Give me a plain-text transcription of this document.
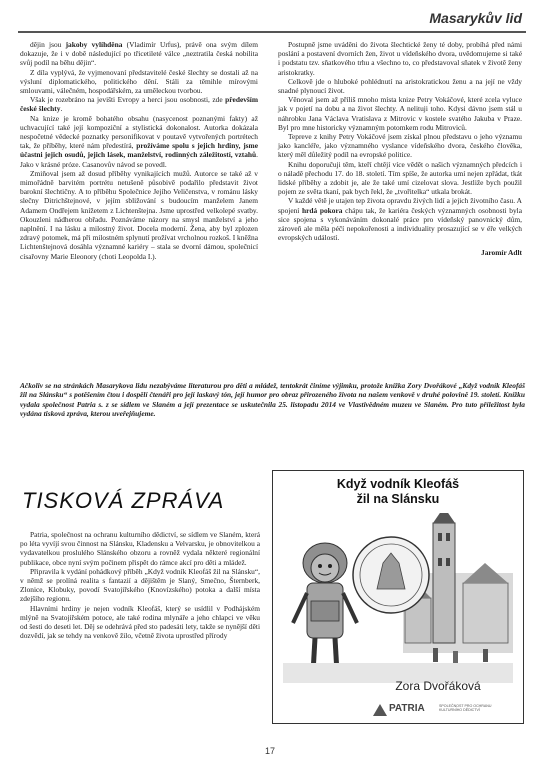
Masarykův lid

dějin jsou jakoby vylíhděna (Vladimír Urfus), právě ona svým dílem dokazuje, že i v době následující po třicetileté válce „neztratila česká nobilita svůj podíl na běhu dějin“.

Z díla vyplývá, že vyjmenovaní představitelé české šlechty se dostali až na výsluní diplomatického, politického dění. Stáli za těmihle mírovými smlouvami, válečném, hospodářském, za uměleckou tvorbou.

Však je rozebráno na jevišti Evropy a herci jsou osobnosti, zde především české šlechty.

Na knize je kromě bohatého obsahu (nasycenost poznanými fakty) až uchvacující také její kompoziční a stylistická dokonalost. Autorka dokázala nespočetné vědecké poznatky personifikovat v poutavě vytvořených portrétech tak, že příběhy, které nám předestírá, prožíváme spolu s jejich hrdiny, jsme účastni jejich osudů, jejich lásek, manželství, rodinných záležitostí, vztahů. Jako v krásné próze. Casanovův návod se povedl.

Zmiňoval jsem až dosud příběhy vynikajících mužů. Autorce se také až v mimořádně barvitém portrétu netušeně působivě podařilo představit život barokní šlechtičny. A to příběhu Společnice Jejího Veličenstva, v románu lásky slečny Ditrichštejnové, v jejím sbližování s budoucím manželem Janem Adamem Ondřejem knížetem z Lichtenštejna. Jsme uprostřed velkolepé svatby. Okouzleni nádherou obřadu. Poznáváme názory na smysl manželství a jeho naplnění. I na lásku a milostný život. Docela moderní. Žena, aby byl zplozen zdravý potomek, má při milostném splynutí prožívat vrcholnou rozkoš. I kněžna Lichtenštejnová dosáhla významné kariéry – stala se dvorní dámou, společnicí císařovny Marie Eleonory (choti Leopolda I.).

Postupně jsme uváděni do života šlechtické ženy té doby, probíhá před námi poslání a postavení dvorních žen, život u vídeňského dvora, uvědomujeme si také i podstatu tzv. sňatkového trhu a všechno to, co představoval sňatek v životě ženy aristokratky.

Celkově jde o hluboké pohlédnutí na aristokratickou ženu a na její ne vždy snadné plynoucí život.

Věnoval jsem až příliš mnoho místa knize Petry Vokáčové, které zcela vyluce jak v pojetí na dobu a na život šlechty. A nelituji toho. Kdysi dávno jsem stál u náhrobku Jana Václava Vratislava z Mitrovic v kostele svatého Jakuba v Praze. Byl pro mne historicky významným potomkem rodu Mitroviců.

Tepreve z knihy Petry Vokáčové jsem získal plnou představu o jeho významu jako kancléře, jako významného vyslance vídeňského dvora, českého člověka, který měl důležitý podíl na evropské politice.

Knihu doporučuji těm, kteří chtějí více vědět o našich významných předcích i o náladě přechodu 17. do 18. století. Tím spíše, že autorka umí nejen zpřádat, tkát lidské příběhy a zdobit je, ale že také umí cizelovat slova. Jestliže bych použil pojem ze světa tkaní, pak bych řekl, že „tvořitelka“ utkala brokát.

V každé větě je utajen tep života opravdu živých lidí a jejich životního času. A spojení hrdá pokora chápu tak, že kariéra českých významných osobnosti byla sice spojena s vykonáváním dokonalé práce pro vídeňský panovnický dům, zároveň ale měla péčí nepokořenosti a individuality prosazující se v éře velkých evropských událostí.

Jaromír Adlt

Ačkoliv se na stránkách Masarykova lidu nezabýváme literaturou pro děti a mládež, tentokrát činíme výjimku, protože knížka Zory Dvořákové „Když vodník Kleofáš žil na Slánsku“ s potěšením čtou i dospělí čtenáři pro její laskavý tón, její humor pro obraz přirozeného života na našem venkově v druhé polovině 19. století. Knížku vydala společnost Patria s. z se sídlem ve Slaném a její prezentace se uskutečnila 25. listopadu 2014 ve Vlastivědném muzeu ve Slaném. Pro tuto příležitost byla vydána tisková zpráva, kterou uveřejňujeme.
TISKOVÁ ZPRÁVA

Patria, společnost na ochranu kulturního dědictví, se sídlem ve Slaném, která po léta vyvíjí svou činnost na Slánsku, Kladensku a Velvarsku, je obnovitelkou a vydavatelkou proslulého Slánského obzoru a rovněž vydala některé regionální publikace, obce nyní svým počinem přispět do rámce akcí pro děti a mládež.

Připravila k vydání pohádkový příběh „Když vodník Kleofáš žil na Slánsku“, v němž se prolíná realita s fantazií a dějištěm je Slaný, Smečno, Šternberk, Zlonice, Klobuky, povodí Svatojiřského (Knovízského) potoka a další místa zdejšího regionu.

Hlavními hrdiny je nejen vodník Kleofáš, který se usídlil v Podhájském mlýně na Svatojiřském potoce, ale také rodina mlynáře a jeho chlapci ve věku od šesti do deseti let. Děj se odehrává před sto padesáti lety, takže se nynější děti dozvědí, jak se tehdy na venkově žilo, včetně života uprostřed přírody

Když vodník Kleofáš
žil na Slánsku
Zora Dvořáková
PATRIA	SPOLEČNOST PRO OCHRANU KULTURNÍHO DĚDICTVÍ
17
